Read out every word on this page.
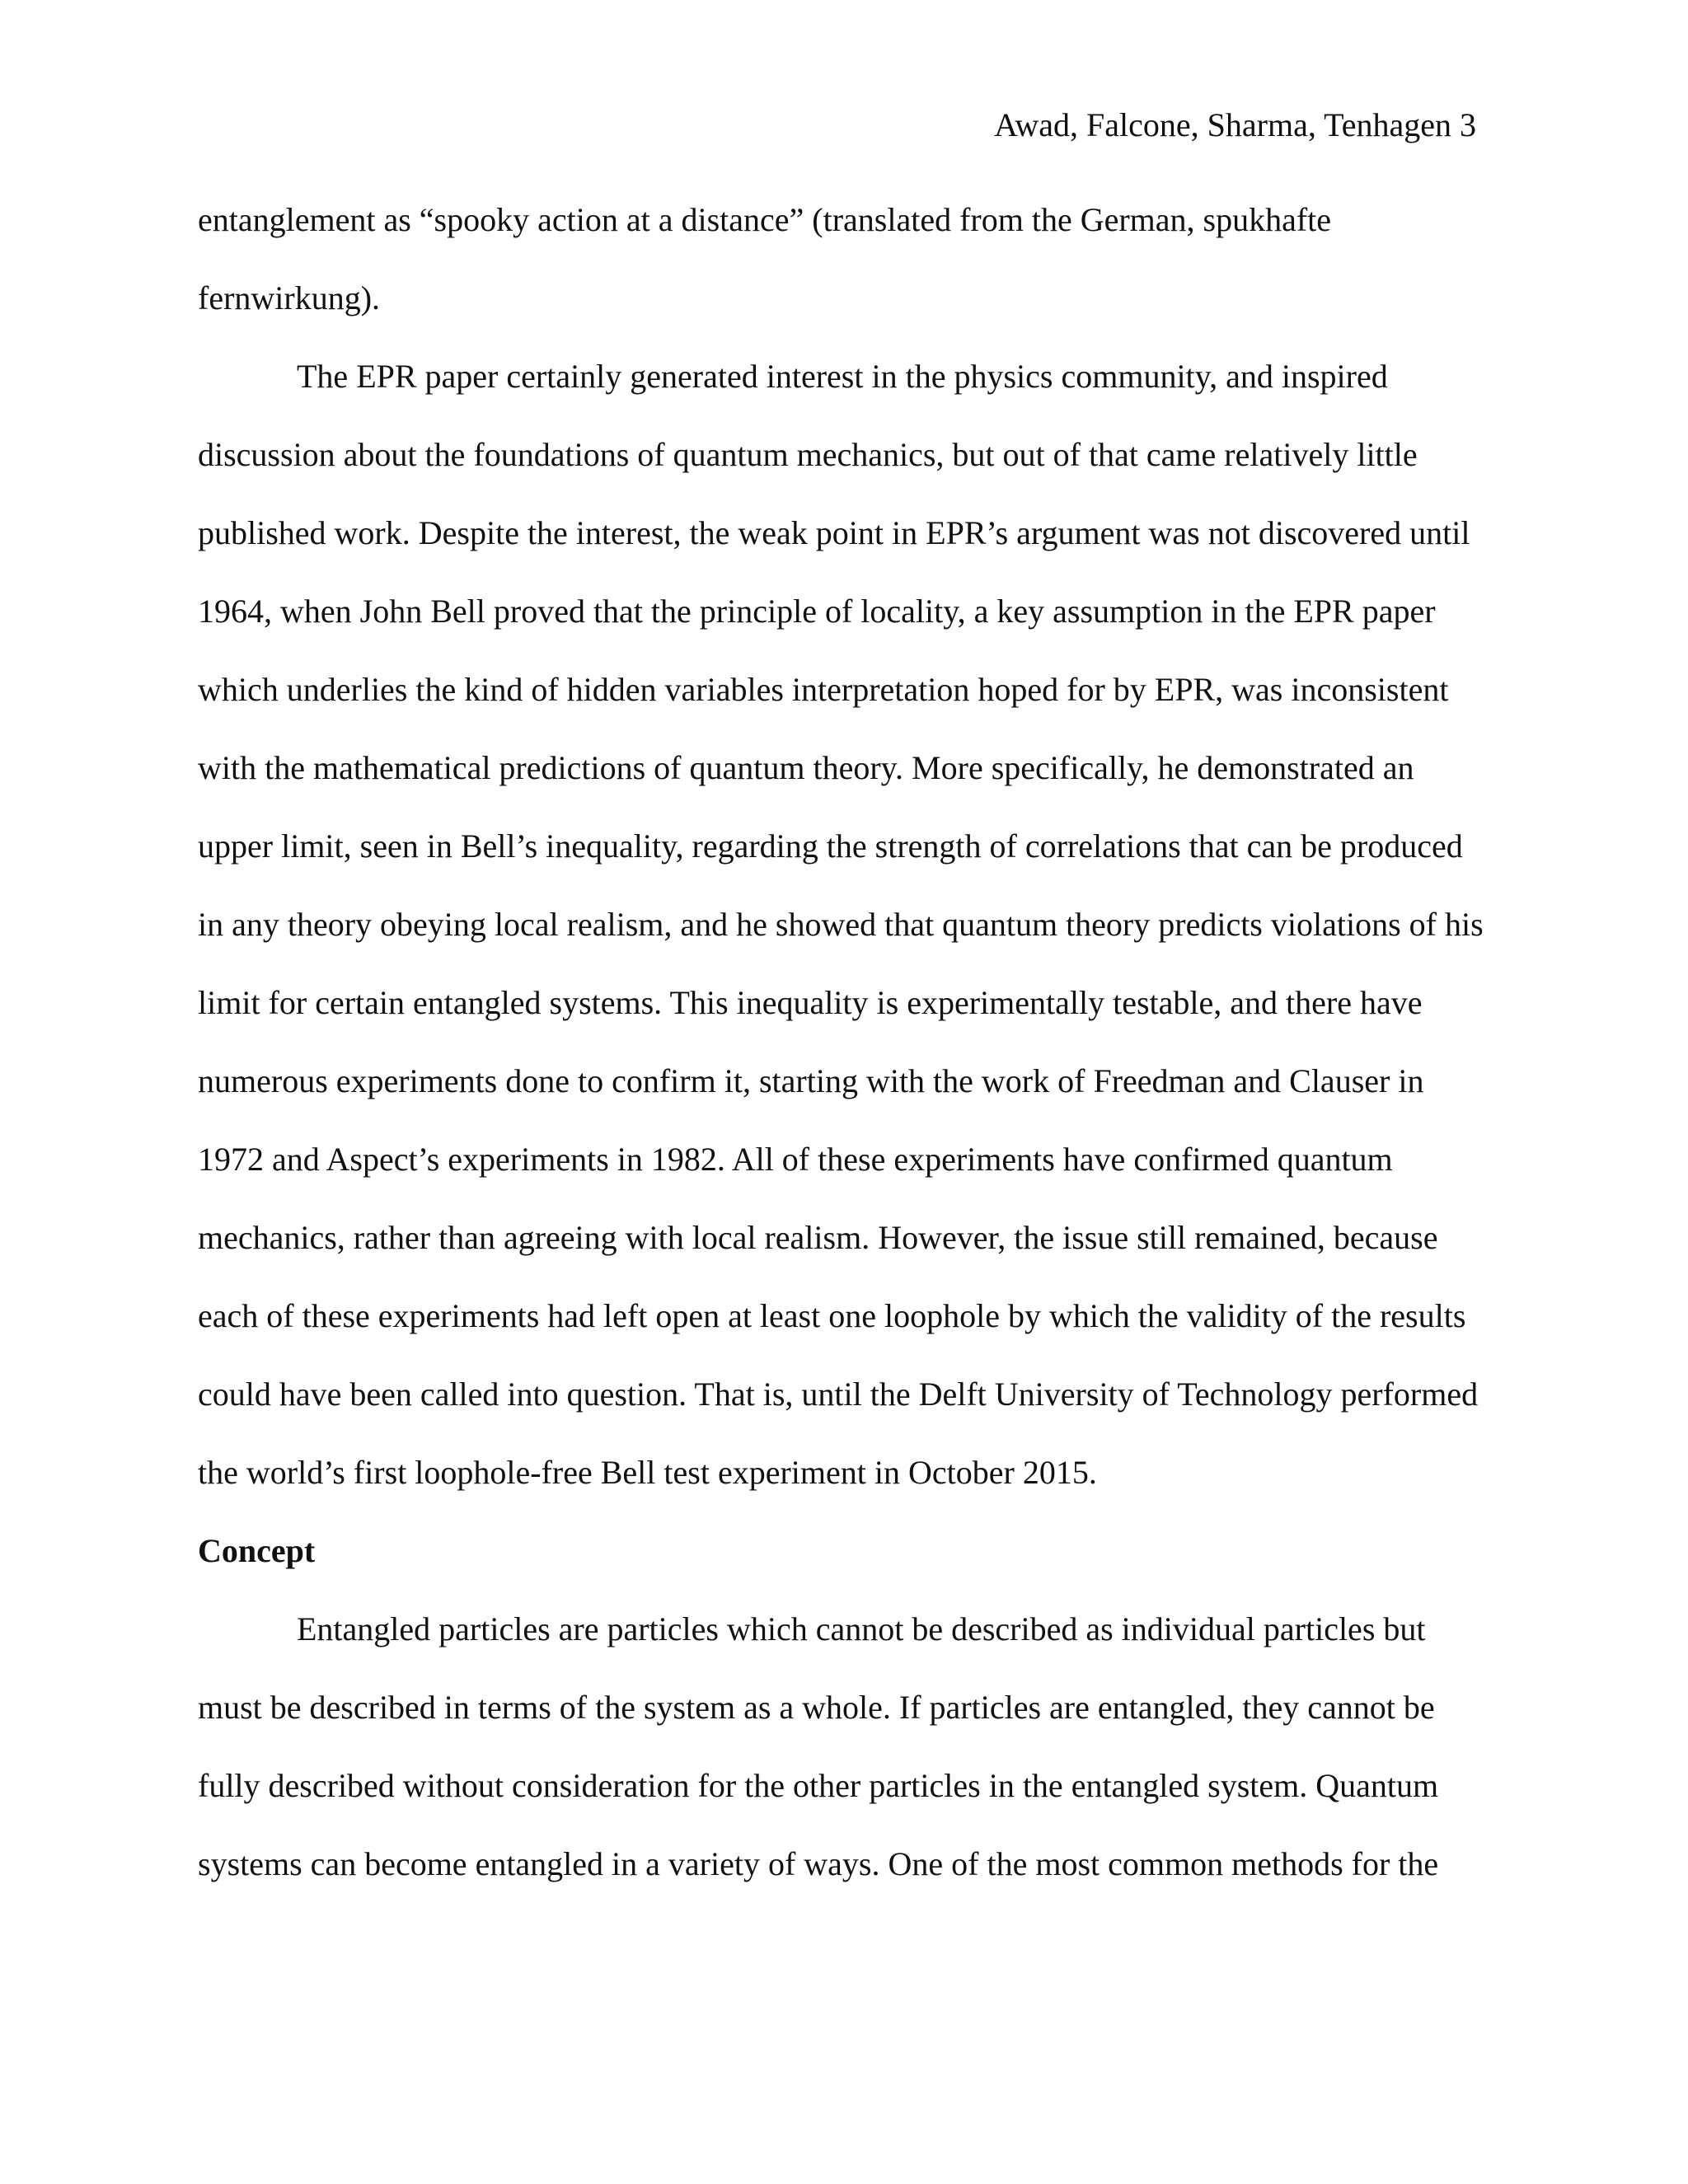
Awad, Falcone, Sharma, Tenhagen 3
entanglement as “spooky action at a distance” (translated from the German, spukhafte
fernwirkung).
The EPR paper certainly generated interest in the physics community, and inspired
discussion about the foundations of quantum mechanics, but out of that came relatively little
published work. Despite the interest, the weak point in EPR’s argument was not discovered until
1964, when John Bell proved that the principle of locality, a key assumption in the EPR paper
which underlies the kind of hidden variables interpretation hoped for by EPR, was inconsistent
with the mathematical predictions of quantum theory. More specifically, he demonstrated an
upper limit, seen in Bell’s inequality, regarding the strength of correlations that can be produced
in any theory obeying local realism, and he showed that quantum theory predicts violations of his
limit for certain entangled systems. This inequality is experimentally testable, and there have
numerous experiments done to confirm it, starting with the work of Freedman and Clauser in
1972 and Aspect’s experiments in 1982. All of these experiments have confirmed quantum
mechanics, rather than agreeing with local realism. However, the issue still remained, because
each of these experiments had left open at least one loophole by which the validity of the results
could have been called into question. That is, until the Delft University of Technology performed
the world’s first loophole-free Bell test experiment in October 2015.
Concept
Entangled particles are particles which cannot be described as individual particles but
must be described in terms of the system as a whole. If particles are entangled, they cannot be
fully described without consideration for the other particles in the entangled system. Quantum
systems can become entangled in a variety of ways. One of the most common methods for the
